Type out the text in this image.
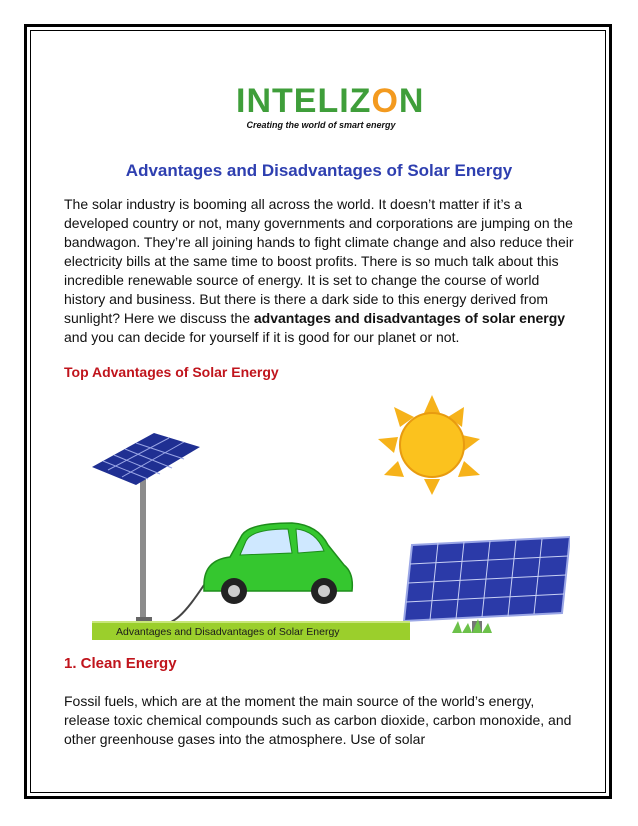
INTELIZON
Creating the world of smart energy
Advantages and Disadvantages of Solar Energy
The solar industry is booming all across the world. It doesn’t matter if it’s a developed country or not, many governments and corporations are jumping on the bandwagon. They’re all joining hands to fight climate change and also reduce their electricity bills at the same time to boost profits. There is so much talk about this incredible renewable source of energy. It is set to change the course of world history and business. But there is there a dark side to this energy derived from sunlight? Here we discuss the advantages and disadvantages of solar energy and you can decide for yourself if it is good for our planet or not.
Top Advantages of Solar Energy
Advantages and Disadvantages of Solar Energy
1. Clean Energy
Fossil fuels, which are at the moment the main source of the world’s energy, release toxic chemical compounds such as carbon dioxide, carbon monoxide, and other greenhouse gases into the atmosphere. Use of solar
